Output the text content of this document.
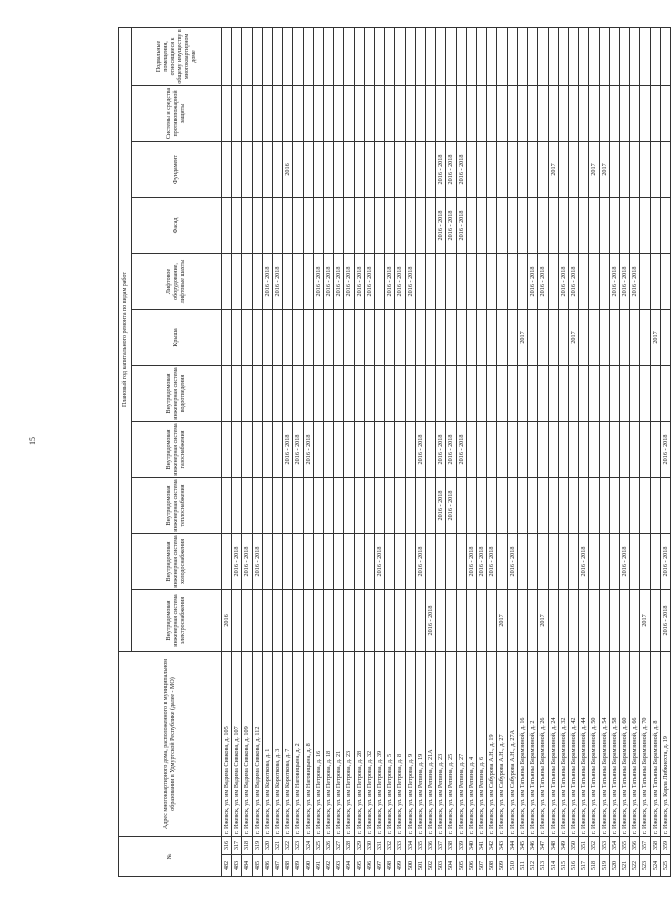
15
№		Адрес многоквартирного дома, расположенного в муниципальном образовании в Удмуртской Республике (далее - МО)	Плановый год капитального ремонта по видам работ										
			Внутридомовая инженерная система электроснабжения	Внутридомовая инженерная система холодоснабжения	Внутридомовая инженерная система теплоснабжения	Внутридомовая инженерная система газоснабжения	Внутридомовая инженерная система водоотведения	Крыша	Лифтовое оборудование, лифтовые шахты	Фасад	Фундамент	Системы и средства противопожарной защиты	Подвальные помещения, относящиеся к общему имуществу в многоквартирном доме
482	316	г. Ижевск, ул. им Вадима Сивкова, д. 105	2016										
483	317	г. Ижевск, ул. им Вадима Сивкова, д. 107		2016 - 2018									
484	318	г. Ижевск, ул. им Вадима Сивкова, д. 109		2016 - 2018									
485	319	г. Ижевск, ул. им Вадима Сивкова, д. 112		2016 - 2018									
486	320	г. Ижевск, ул. им Короткова, д. 1							2016 - 2018				
487	321	г. Ижевск, ул. им Короткова, д. 3							2016 - 2018				
488	322	г. Ижевск, ул. им Короткова, д. 7				2016 - 2018					2016		
489	323	г. Ижевск, ул. им Наговицына, д. 2				2016 - 2018							
490	324	г. Ижевск, ул. им Наговицына, д. 8				2016 - 2018							
491	325	г. Ижевск, ул. им Петрова, д. 16							2016 - 2018				
492	326	г. Ижевск, ул. им Петрова, д. 18							2016 - 2018				
493	327	г. Ижевск, ул. им Петрова, д. 21							2016 - 2018				
494	328	г. Ижевск, ул. им Петрова, д. 23							2016 - 2018				
495	329	г. Ижевск, ул. им Петрова, д. 28							2016 - 2018				
496	330	г. Ижевск, ул. им Петрова, д. 32							2016 - 2018				
497	331	г. Ижевск, ул. им Петрова, д. 39		2016 - 2018									
498	332	г. Ижевск, ул. им Петрова, д. 5							2016 - 2018				
499	333	г. Ижевск, ул. им Петрова, д. 8							2016 - 2018				
500	334	г. Ижевск, ул. им Петрова, д. 9							2016 - 2018				
501	335	г. Ижевск, ул. им Репина, д. 19		2016 - 2018		2016 - 2018							
502	336	г. Ижевск, ул. им Репина, д. 21А	2016 - 2018										
503	337	г. Ижевск, ул. им Репина, д. 23			2016 - 2018	2016 - 2018				2016 - 2018	2016 - 2018		
504	338	г. Ижевск, ул. им Репина, д. 25			2016 - 2018	2016 - 2018				2016 - 2018	2016 - 2018		
505	339	г. Ижевск, ул. им Репина, д. 27				2016 - 2018				2016 - 2018	2016 - 2018		
506	340	г. Ижевск, ул. им Репина, д. 4		2016 - 2018									
507	341	г. Ижевск, ул. им Репина, д. 6		2016 - 2018									
508	342	г. Ижевск, ул. им Сабурова А.Н., д. 19		2016 - 2018									
509	343	г. Ижевск, ул. им Сабурова А.Н., д. 27	2017										
510	344	г. Ижевск, ул. им Сабурова А.Н., д. 27А		2016 - 2018									
511	345	г. Ижевск, ул. им Татьяны Барамзиной, д. 16						2017					
512	346	г. Ижевск, ул. им Татьяны Барамзиной, д. 2							2016 - 2018				
513	347	г. Ижевск, ул. им Татьяны Барамзиной, д. 26	2017						2016 - 2018				
514	348	г. Ижевск, ул. им Татьяны Барамзиной, д. 24									2017		
515	349	г. Ижевск, ул. им Татьяны Барамзиной, д. 32							2016 - 2018				
516	350	г. Ижевск, ул. им Татьяны Барамзиной, д. 42						2017	2016 - 2018				
517	351	г. Ижевск, ул. им Татьяны Барамзиной, д. 44		2016 - 2018									
518	352	г. Ижевск, ул. им Татьяны Барамзиной, д. 50									2017		
519	353	г. Ижевск, ул. им Татьяны Барамзиной, д. 54									2017		
520	354	г. Ижевск, ул. им Татьяны Барамзиной, д. 58							2016 - 2018				
521	355	г. Ижевск, ул. им Татьяны Барамзиной, д. 60		2016 - 2018					2016 - 2018				
522	356	г. Ижевск, ул. им Татьяны Барамзиной, д. 66							2016 - 2018				
523	357	г. Ижевск, ул. им Татьяны Барамзиной, д. 70	2017										
524	358	г. Ижевск, ул. им Татьяны Барамзиной, д. 8						2017					
525	359	г. Ижевск, ул. Карла Либкнехта, д. 19	2016 - 2018	2016 - 2018		2016 - 2018							
